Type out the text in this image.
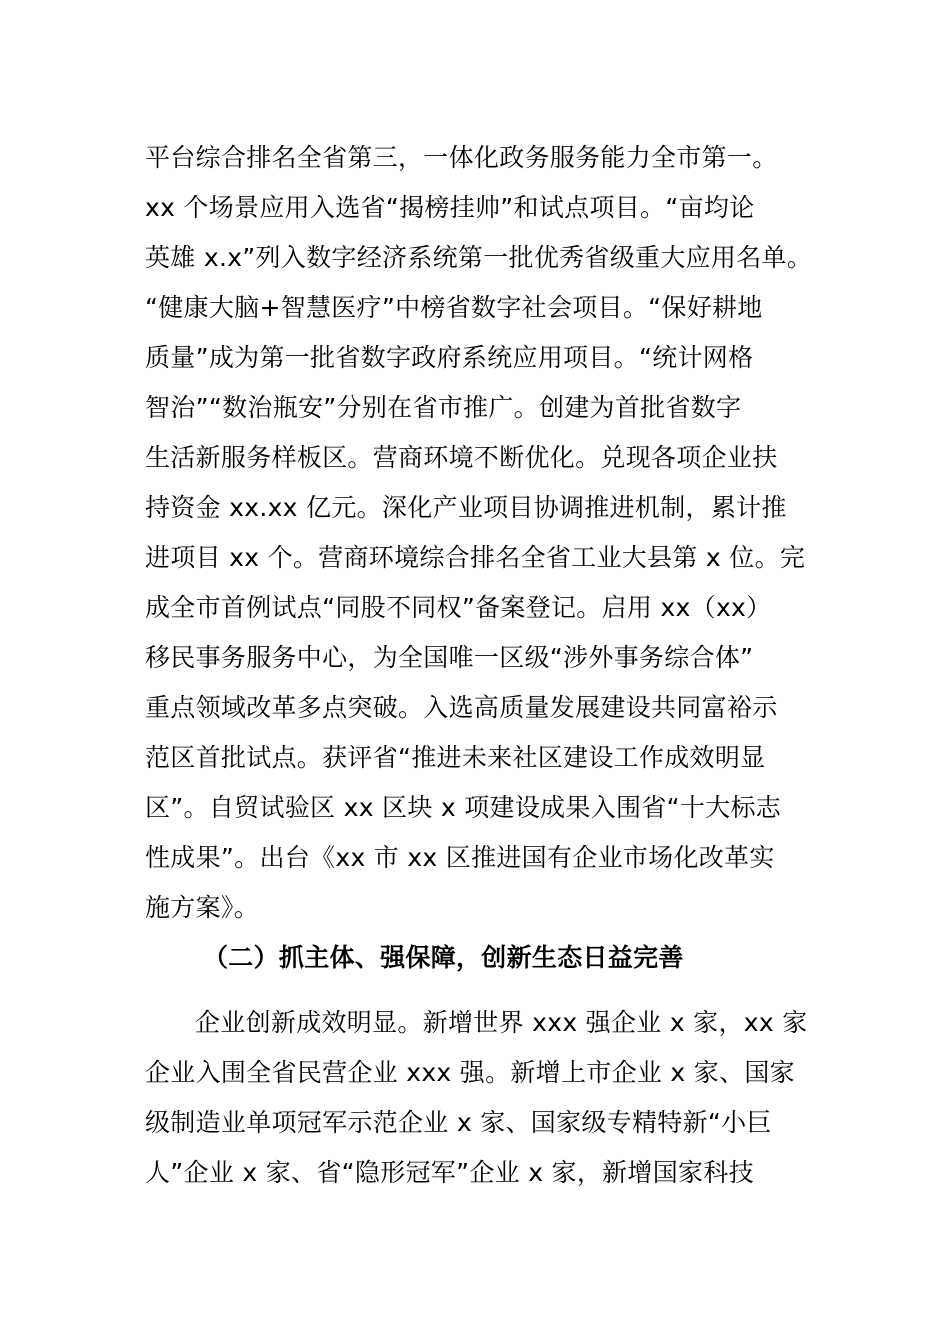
平台综合排名全省第三，一体化政务服务能力全市第一。
xx 个场景应用入选省“揭榜挂帅”和试点项目。“亩均论
英雄 x.x”列入数字经济系统第一批优秀省级重大应用名单。
“健康大脑+智慧医疗”中榜省数字社会项目。“保好耕地
质量”成为第一批省数字政府系统应用项目。“统计网格
智治”“数治瓶安”分别在省市推广。创建为首批省数字
生活新服务样板区。营商环境不断优化。兑现各项企业扶
持资金 xx.xx 亿元。深化产业项目协调推进机制，累计推
进项目 xx 个。营商环境综合排名全省工业大县第 x 位。完
成全市首例试点“同股不同权”备案登记。启用 xx（xx）
移民事务服务中心，为全国唯一区级“涉外事务综合体”
重点领域改革多点突破。入选高质量发展建设共同富裕示
范区首批试点。获评省“推进未来社区建设工作成效明显
区”。自贸试验区 xx 区块 x 项建设成果入围省“十大标志
性成果”。出台《xx 市 xx 区推进国有企业市场化改革实
施方案》。
（二）抓主体、强保障，创新生态日益完善
企业创新成效明显。新增世界 xxx 强企业 x 家，xx 家
企业入围全省民营企业 xxx 强。新增上市企业 x 家、国家
级制造业单项冠军示范企业 x 家、国家级专精特新“小巨
人”企业 x 家、省“隐形冠军”企业 x 家，新增国家科技
